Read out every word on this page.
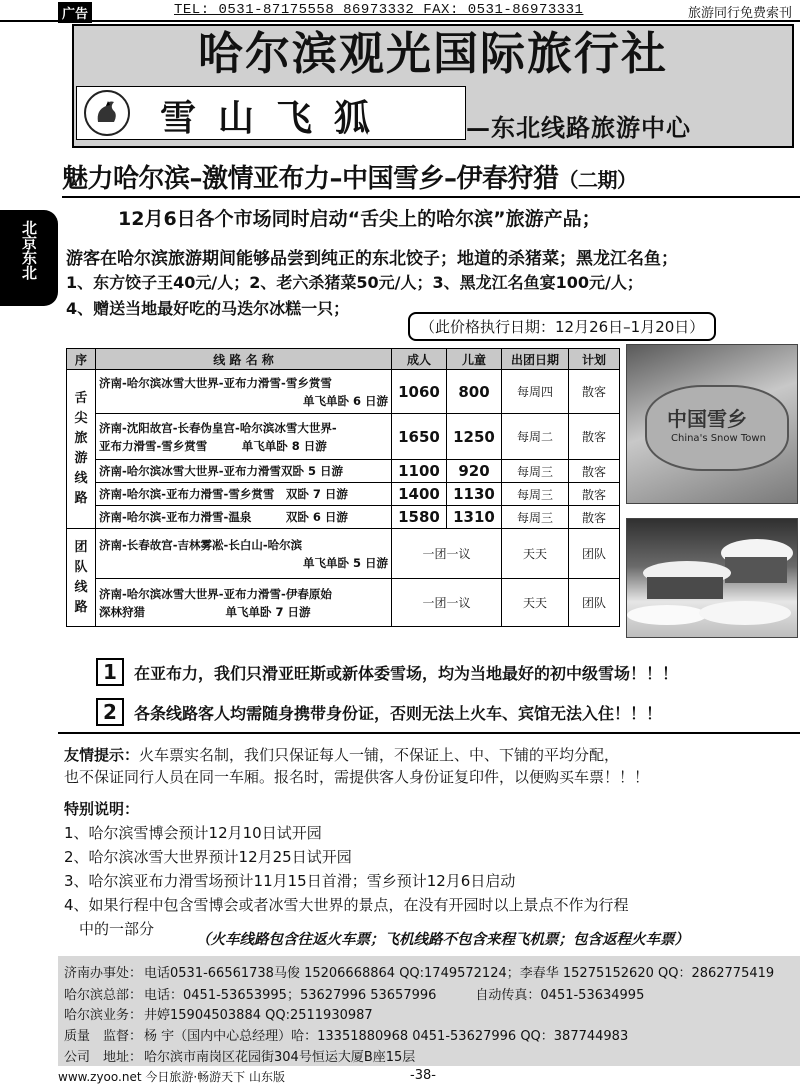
广告	TEL: 0531-87175558 86973332 FAX: 0531-86973331	旅游同行免费索刊
哈尔滨观光国际旅行社
雪山飞狐	—东北线路旅游中心
北京东北
魅力哈尔滨–激情亚布力–中国雪乡–伊春狩猎（二期）
12月6日各个市场同时启动“舌尖上的哈尔滨”旅游产品；
游客在哈尔滨旅游期间能够品尝到纯正的东北饺子；地道的杀猪菜；黑龙江名鱼；
1、东方饺子王40元/人；2、老六杀猪菜50元/人；3、黑龙江名鱼宴100元/人；
4、赠送当地最好吃的马迭尔冰糕一只；
（此价格执行日期：12月26日–1月20日）
序	线 路 名 称	成人	儿童	出团日期	计划
舌尖旅游线路	济南-哈尔滨冰雪大世界-亚布力滑雪-雪乡赏雪
单飞单卧 6 日游	1060	800	每周四	散客
	济南-沈阳故宫-长春伪皇宫-哈尔滨冰雪大世界-
亚布力滑雪-雪乡赏雪　　　单飞单卧 8 日游	1650	1250	每周二	散客
	济南-哈尔滨冰雪大世界-亚布力滑雪双卧 5 日游	1100	920	每周三	散客
	济南-哈尔滨-亚布力滑雪-雪乡赏雪　双卧 7 日游	1400	1130	每周三	散客
	济南-哈尔滨-亚布力滑雪-温泉　　　双卧 6 日游	1580	1310	每周三	散客
团队线路	济南-长春故宫-吉林雾凇-长白山-哈尔滨
单飞单卧 5 日游	一团一议		天天	团队
	济南-哈尔滨冰雪大世界-亚布力滑雪-伊春原始
深林狩猎　　　　　　　单飞单卧 7 日游	一团一议		天天	团队
中国雪乡
China's Snow Town
1	在亚布力，我们只滑亚旺斯或新体委雪场，均为当地最好的初中级雪场！！！
2	各条线路客人均需随身携带身份证，否则无法上火车、宾馆无法入住！！！
友情提示：火车票实名制，我们只保证每人一铺，不保证上、中、下铺的平均分配，
也不保证同行人员在同一车厢。报名时，需提供客人身份证复印件，以便购买车票！！！
特别说明：
1、哈尔滨雪博会预计12月10日试开园
2、哈尔滨冰雪大世界预计12月25日试开园
3、哈尔滨亚布力滑雪场预计11月15日首滑；雪乡预计12月6日启动
4、如果行程中包含雪博会或者冰雪大世界的景点，在没有开园时以上景点不作为行程
　中的一部分
（火车线路包含往返火车票；飞机线路不包含来程飞机票；包含返程火车票）
济南办事处： 电话0531-66561738马俊 15206668864 QQ:1749572124；李春华 15275152620 QQ：2862775419
哈尔滨总部： 电话：0451-53653995；53627996 53657996　　　自动传真：0451-53634995
哈尔滨业务： 井婷15904503884 QQ:2511930987
质量　监督： 杨 宇（国内中心总经理）哈：13351880968 0451-53627996 QQ：387744983
公司　地址： 哈尔滨市南岗区花园街304号恒运大厦B座15层
www.zyoo.net 今日旅游·畅游天下 山东版	-38-
